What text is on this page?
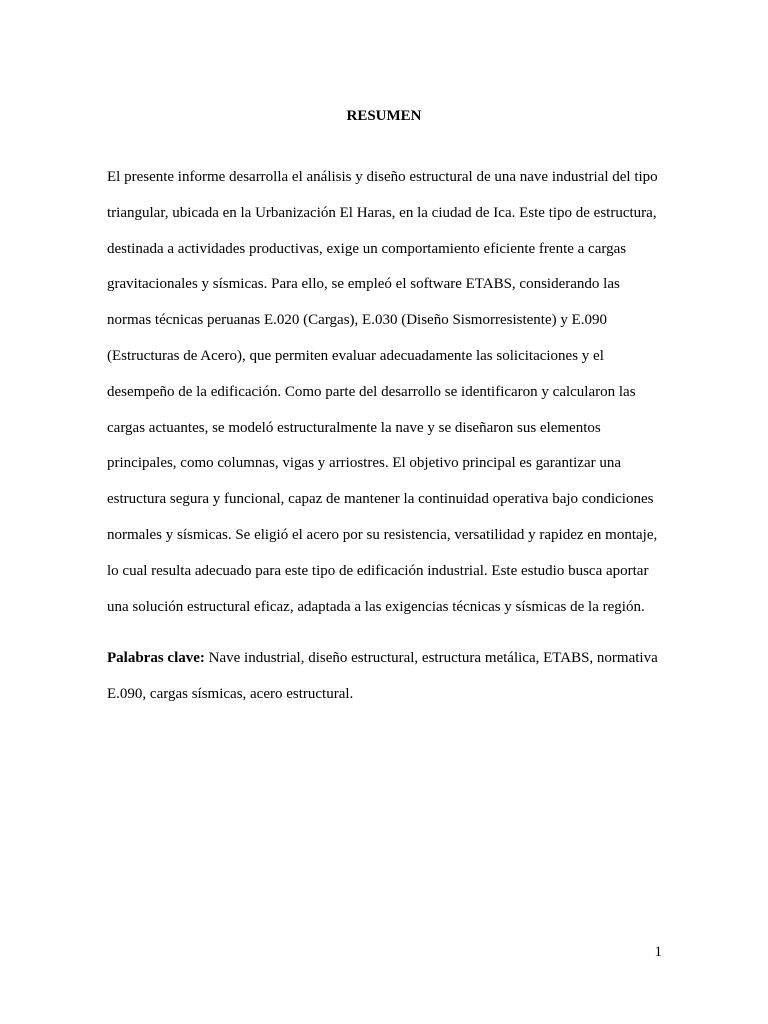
RESUMEN
El presente informe desarrolla el análisis y diseño estructural de una nave industrial del tipo
triangular, ubicada en la Urbanización El Haras, en la ciudad de Ica. Este tipo de estructura,
destinada a actividades productivas, exige un comportamiento eficiente frente a cargas
gravitacionales y sísmicas. Para ello, se empleó el software ETABS, considerando las
normas técnicas peruanas E.020 (Cargas), E.030 (Diseño Sismorresistente) y E.090
(Estructuras de Acero), que permiten evaluar adecuadamente las solicitaciones y el
desempeño de la edificación. Como parte del desarrollo se identificaron y calcularon las
cargas actuantes, se modeló estructuralmente la nave y se diseñaron sus elementos
principales, como columnas, vigas y arriostres. El objetivo principal es garantizar una
estructura segura y funcional, capaz de mantener la continuidad operativa bajo condiciones
normales y sísmicas. Se eligió el acero por su resistencia, versatilidad y rapidez en montaje,
lo cual resulta adecuado para este tipo de edificación industrial. Este estudio busca aportar
una solución estructural eficaz, adaptada a las exigencias técnicas y sísmicas de la región.
Palabras clave: Nave industrial, diseño estructural, estructura metálica, ETABS, normativa
E.090, cargas sísmicas, acero estructural.
1
